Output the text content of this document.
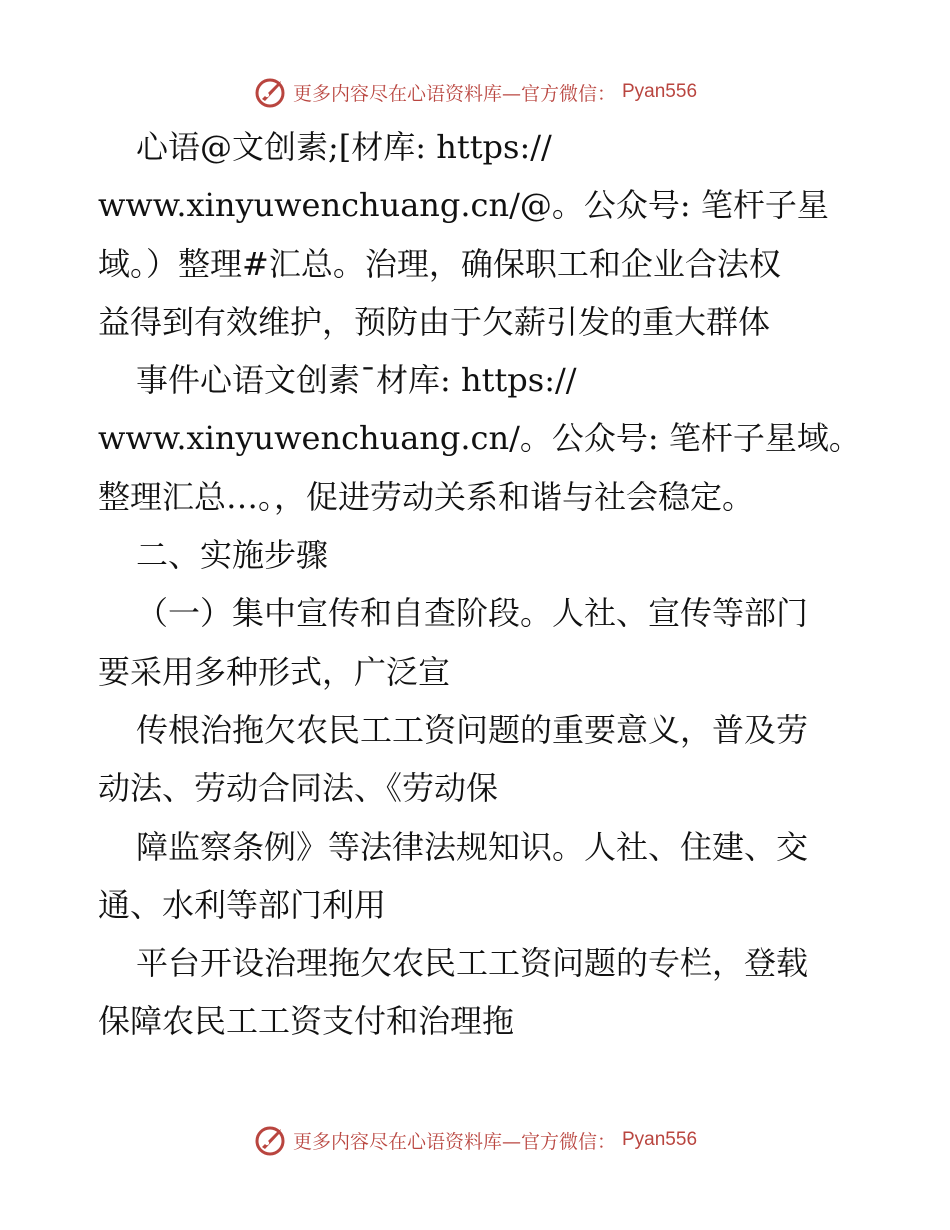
更多内容尽在心语资料库—官方微信： Pyan556
心语@文创素;[材库: https://
www.xinyuwenchuang.cn/@。公众号: 笔杆子星
域。）整理#汇总。治理，确保职工和企业合法权
益得到有效维护，预防由于欠薪引发的重大群体
事件心语文创素¯材库: https://
www.xinyuwenchuang.cn/。公众号: 笔杆子星域。
整理汇总…。，促进劳动关系和谐与社会稳定。
二、实施步骤
（一）集中宣传和自查阶段。人社、宣传等部门
要采用多种形式，广泛宣
传根治拖欠农民工工资问题的重要意义，普及劳
动法、劳动合同法、《劳动保
障监察条例》等法律法规知识。人社、住建、交
通、水利等部门利用
平台开设治理拖欠农民工工资问题的专栏，登载
保障农民工工资支付和治理拖
更多内容尽在心语资料库—官方微信： Pyan556
